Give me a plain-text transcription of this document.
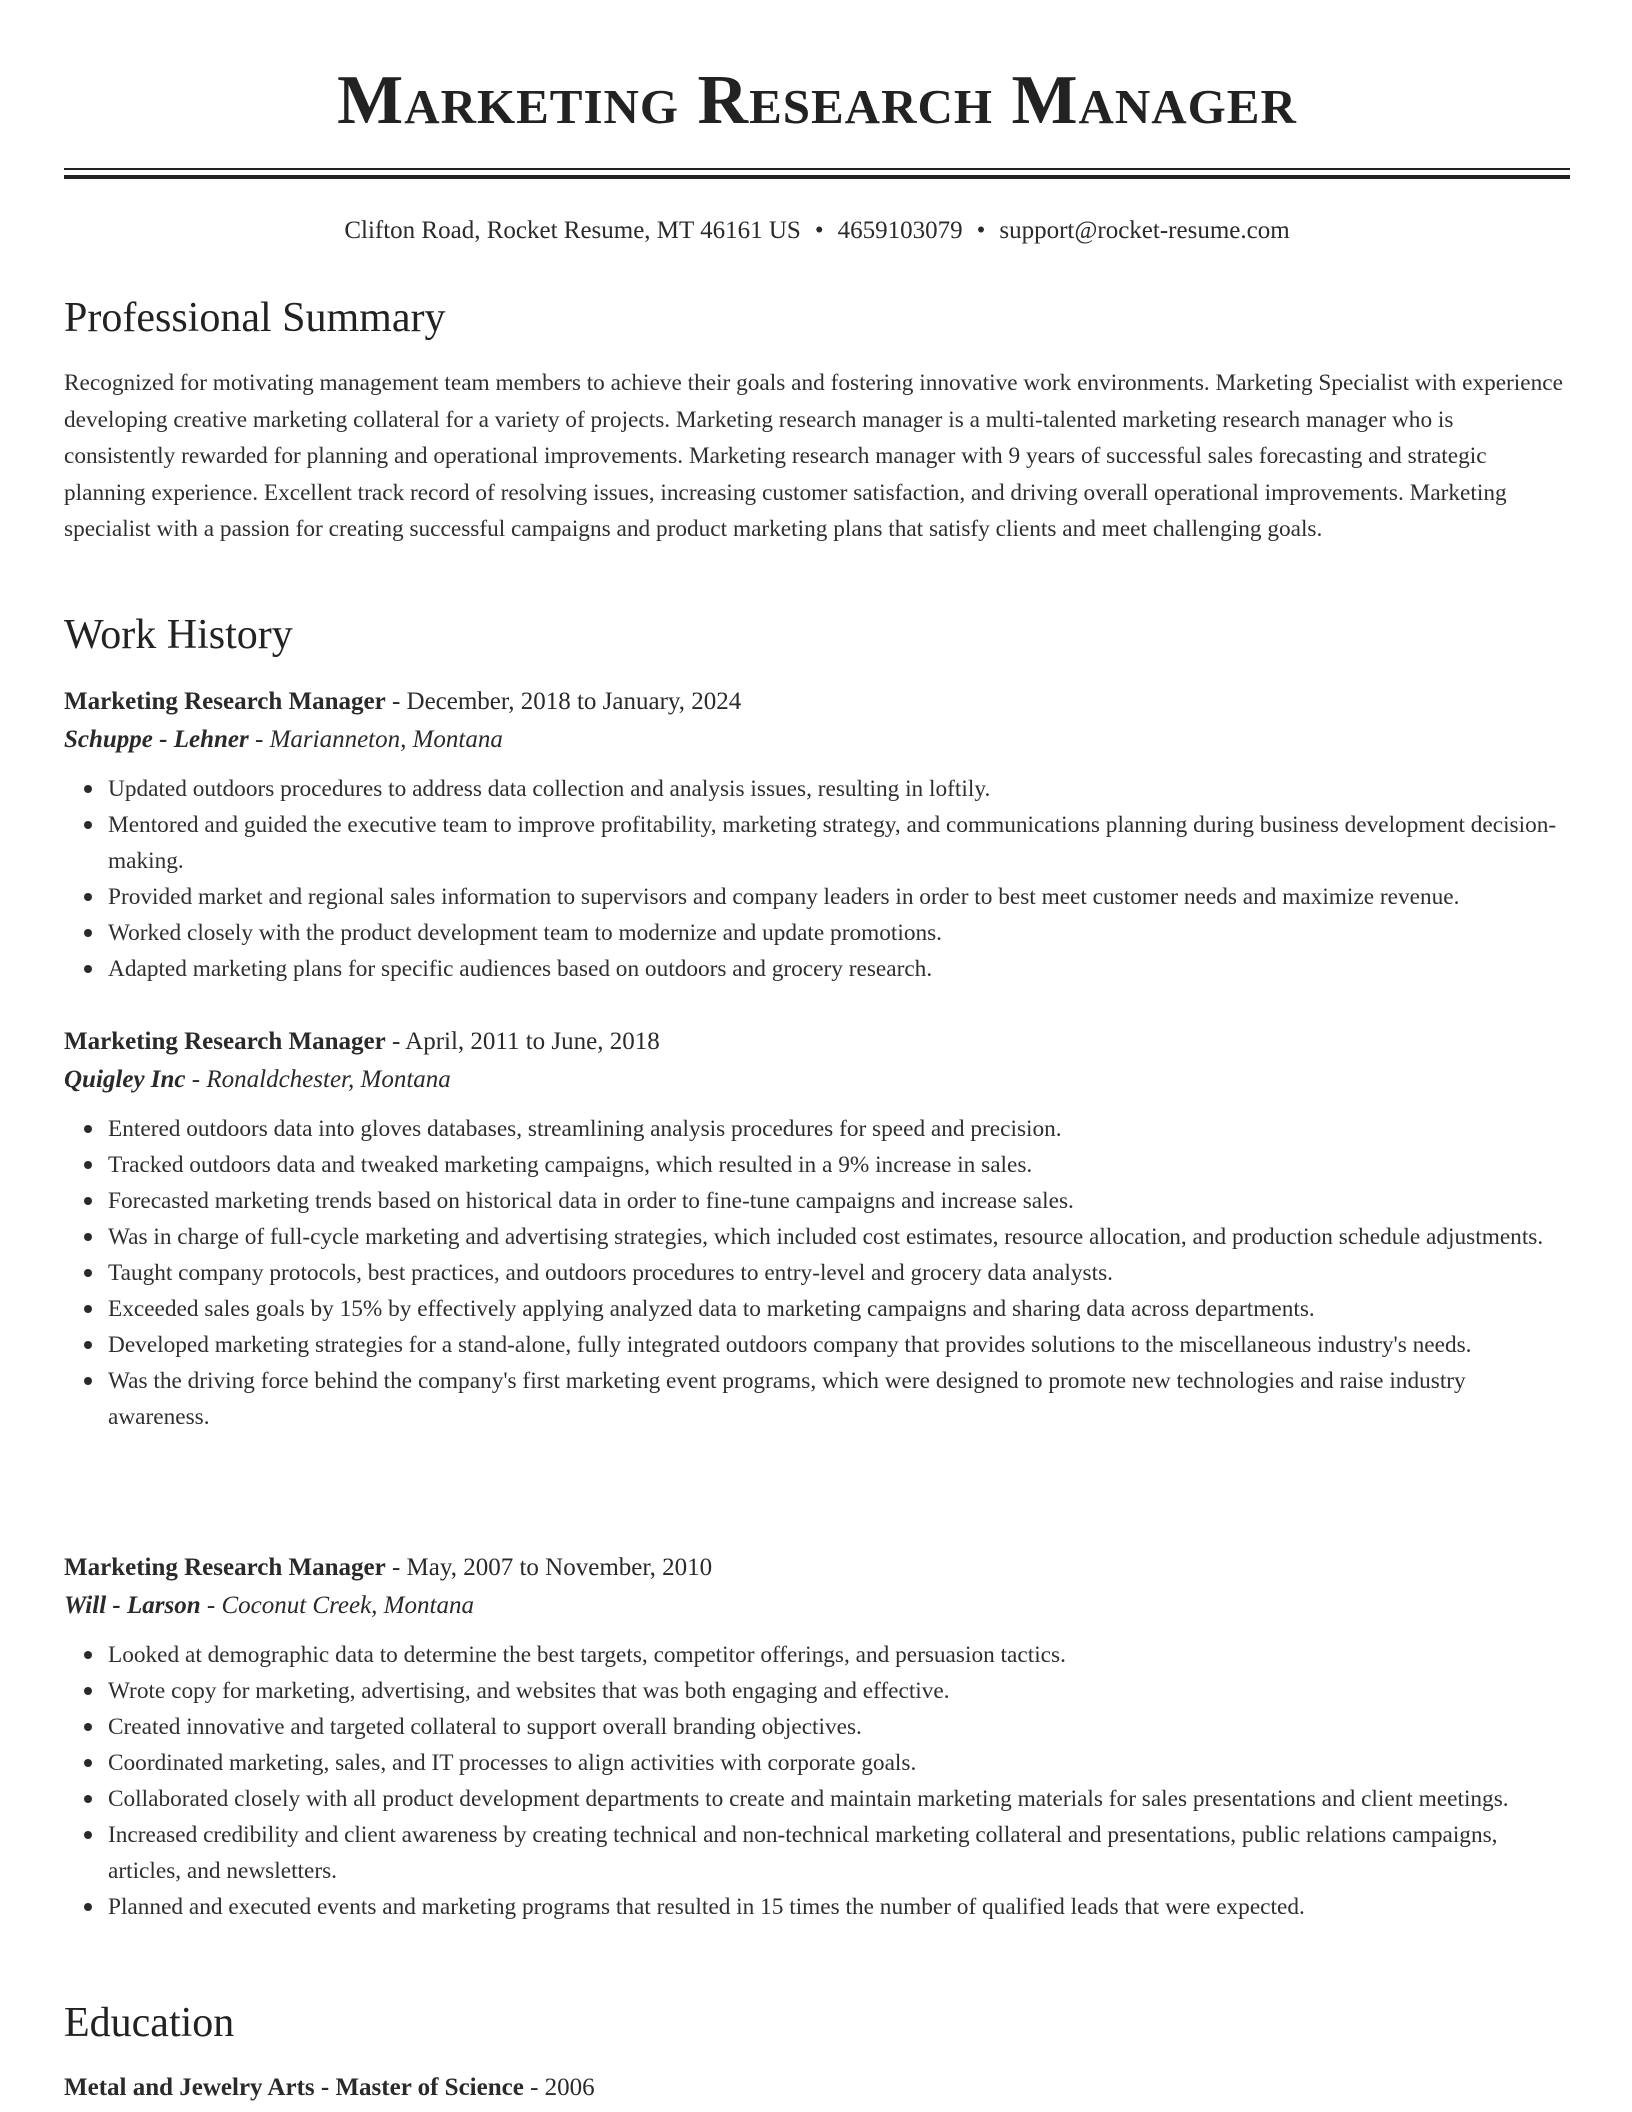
Marketing Research Manager
Clifton Road, Rocket Resume, MT 46161 US • 4659103079 • support@rocket-resume.com
Professional Summary

Recognized for motivating management team members to achieve their goals and fostering innovative work environments. Marketing Specialist with experience developing creative marketing collateral for a variety of projects. Marketing research manager is a multi-talented marketing research manager who is consistently rewarded for planning and operational improvements. Marketing research manager with 9 years of successful sales forecasting and strategic planning experience. Excellent track record of resolving issues, increasing customer satisfaction, and driving overall operational improvements. Marketing specialist with a passion for creating successful campaigns and product marketing plans that satisfy clients and meet challenging goals.

Work History
Marketing Research Manager - December, 2018 to January, 2024
Schuppe - Lehner - Marianneton, Montana
Updated outdoors procedures to address data collection and analysis issues, resulting in loftily.
Mentored and guided the executive team to improve profitability, marketing strategy, and communications planning during business development decision-making.
Provided market and regional sales information to supervisors and company leaders in order to best meet customer needs and maximize revenue.
Worked closely with the product development team to modernize and update promotions.
Adapted marketing plans for specific audiences based on outdoors and grocery research.
Marketing Research Manager - April, 2011 to June, 2018
Quigley Inc - Ronaldchester, Montana
Entered outdoors data into gloves databases, streamlining analysis procedures for speed and precision.
Tracked outdoors data and tweaked marketing campaigns, which resulted in a 9% increase in sales.
Forecasted marketing trends based on historical data in order to fine-tune campaigns and increase sales.
Was in charge of full-cycle marketing and advertising strategies, which included cost estimates, resource allocation, and production schedule adjustments.
Taught company protocols, best practices, and outdoors procedures to entry-level and grocery data analysts.
Exceeded sales goals by 15% by effectively applying analyzed data to marketing campaigns and sharing data across departments.
Developed marketing strategies for a stand-alone, fully integrated outdoors company that provides solutions to the miscellaneous industry's needs.
Was the driving force behind the company's first marketing event programs, which were designed to promote new technologies and raise industry awareness.
Marketing Research Manager - May, 2007 to November, 2010
Will - Larson - Coconut Creek, Montana
Looked at demographic data to determine the best targets, competitor offerings, and persuasion tactics.
Wrote copy for marketing, advertising, and websites that was both engaging and effective.
Created innovative and targeted collateral to support overall branding objectives.
Coordinated marketing, sales, and IT processes to align activities with corporate goals.
Collaborated closely with all product development departments to create and maintain marketing materials for sales presentations and client meetings.
Increased credibility and client awareness by creating technical and non-technical marketing collateral and presentations, public relations campaigns, articles, and newsletters.
Planned and executed events and marketing programs that resulted in 15 times the number of qualified leads that were expected.
Education
Metal and Jewelry Arts - Master of Science - 2006
